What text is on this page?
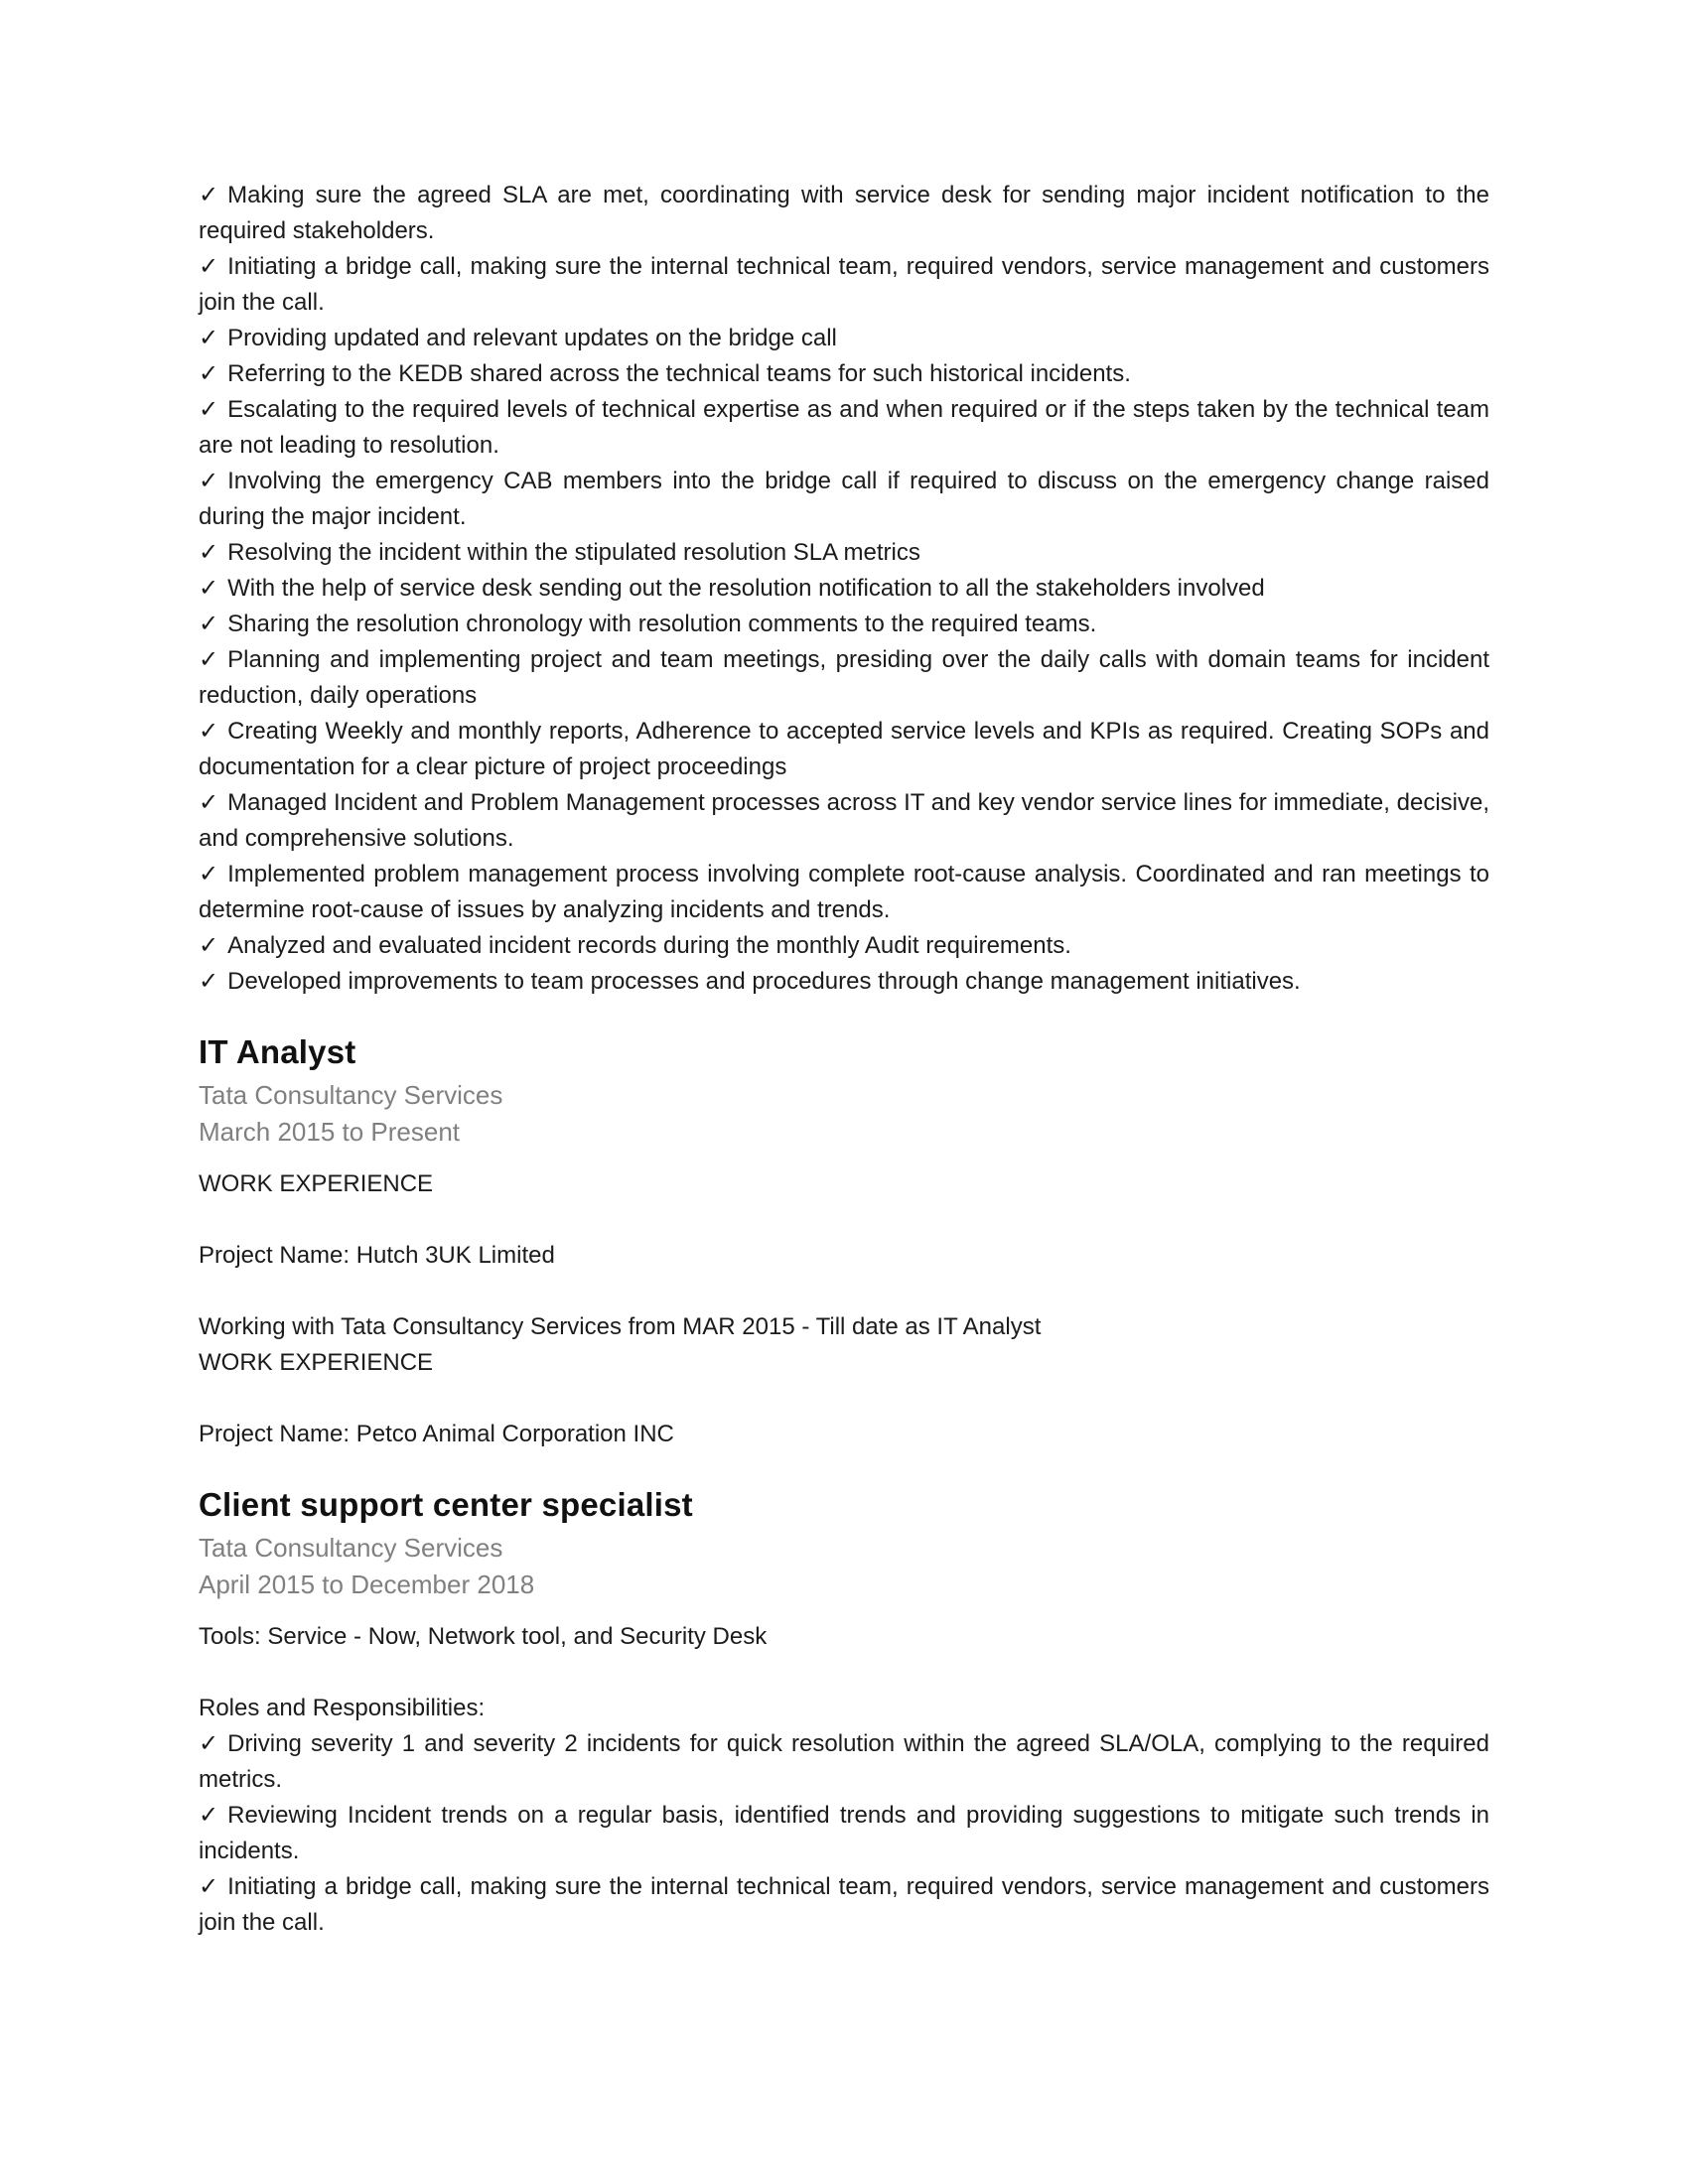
✓ Making sure the agreed SLA are met, coordinating with service desk for sending major incident notification to the required stakeholders.

✓ Initiating a bridge call, making sure the internal technical team, required vendors, service management and customers join the call.

✓ Providing updated and relevant updates on the bridge call

✓ Referring to the KEDB shared across the technical teams for such historical incidents.

✓ Escalating to the required levels of technical expertise as and when required or if the steps taken by the technical team are not leading to resolution.

✓ Involving the emergency CAB members into the bridge call if required to discuss on the emergency change raised during the major incident.

✓ Resolving the incident within the stipulated resolution SLA metrics

✓ With the help of service desk sending out the resolution notification to all the stakeholders involved

✓ Sharing the resolution chronology with resolution comments to the required teams.

✓ Planning and implementing project and team meetings, presiding over the daily calls with domain teams for incident reduction, daily operations

✓ Creating Weekly and monthly reports, Adherence to accepted service levels and KPIs as required. Creating SOPs and documentation for a clear picture of project proceedings

✓ Managed Incident and Problem Management processes across IT and key vendor service lines for immediate, decisive, and comprehensive solutions.

✓ Implemented problem management process involving complete root-cause analysis. Coordinated and ran meetings to determine root-cause of issues by analyzing incidents and trends.

✓ Analyzed and evaluated incident records during the monthly Audit requirements.

✓ Developed improvements to team processes and procedures through change management initiatives.

IT Analyst

Tata Consultancy Services

March 2015 to Present

WORK EXPERIENCE

Project Name: Hutch 3UK Limited

Working with Tata Consultancy Services from MAR 2015 - Till date as IT Analyst

WORK EXPERIENCE

Project Name: Petco Animal Corporation INC

Client support center specialist

Tata Consultancy Services

April 2015 to December 2018

Tools: Service - Now, Network tool, and Security Desk

Roles and Responsibilities:

✓ Driving severity 1 and severity 2 incidents for quick resolution within the agreed SLA/OLA, complying to the required metrics.

✓ Reviewing Incident trends on a regular basis, identified trends and providing suggestions to mitigate such trends in incidents.

✓ Initiating a bridge call, making sure the internal technical team, required vendors, service management and customers join the call.
